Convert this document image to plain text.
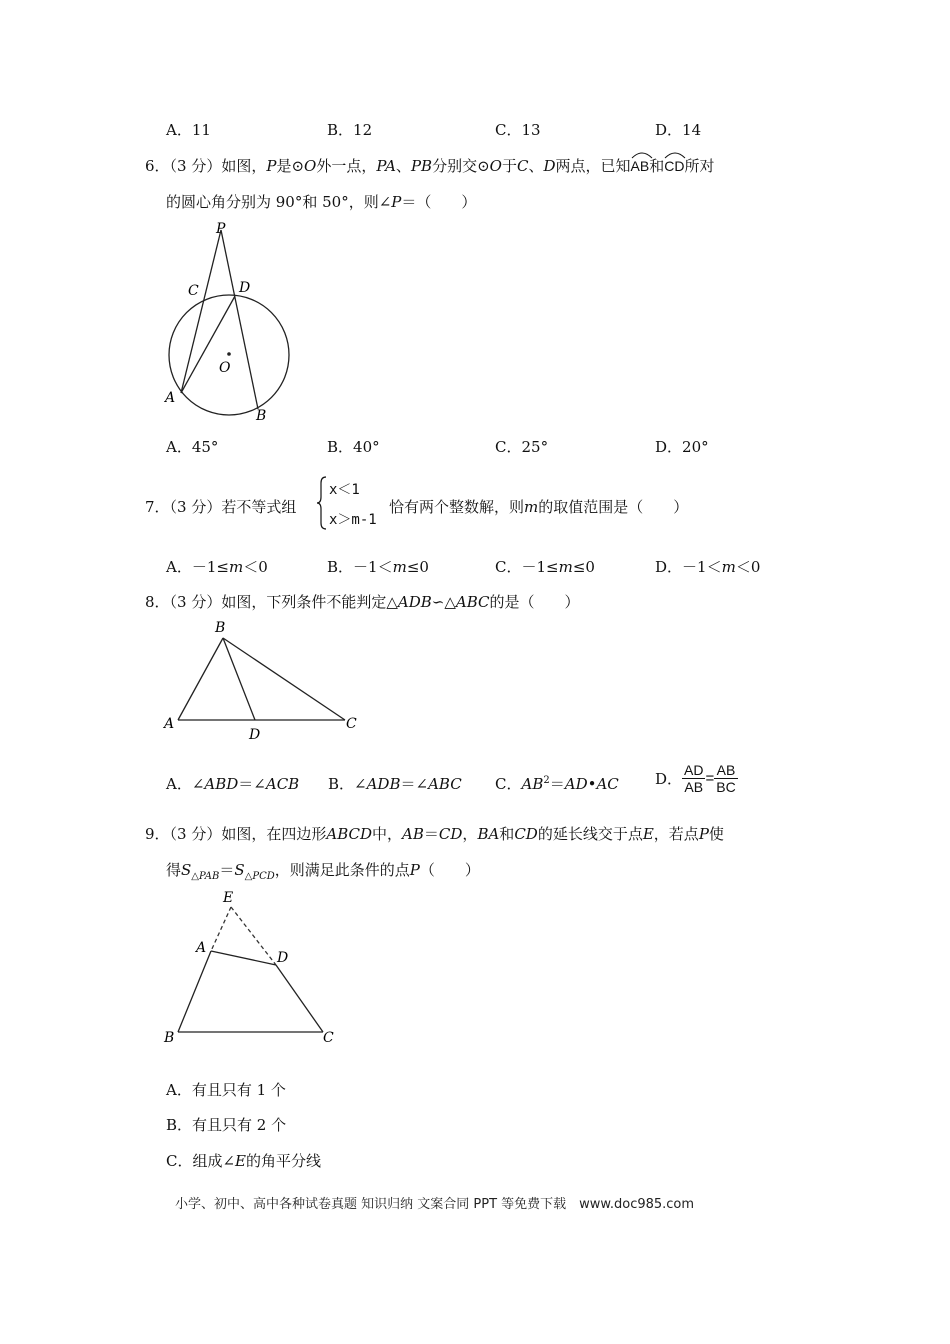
A．11	B．12	C．13	D．14
6．（3 分）如图，P是⊙O外一点，PA、PB分别交⊙O于C、D两点，已知
AB和
CD所对
的圆心角分别为 90°和 50°，则∠P＝（　　）
P
C	D
O
A
B
A．45°	B．40°	C．25°	D．20°
7．（3 分）若不等式组
x＜1
x＞m-1
恰有两个整数解，则m的取值范围是（　　）
A．－1≤m＜0	B．－1＜m≤0	C．－1≤m≤0	D．－1＜m＜0
8．（3 分）如图，下列条件不能判定△ADB∽△ABC的是（　　）
B
A
D
C
A．∠ABD＝∠ACB B．∠ADB＝∠ABC C．$AB^2=AD•AC$ D． $\frac{AD}{AB} = \frac{AB}{BC}$
9．（3 分）如图，在四边形ABCD中，AB＝CD，BA和CD的延长线交于点E，若点P使
得$S_{\triangle PAB}=S_{\triangle PCD}$，则满足此条件的点P（　　）
E
A
D
B	C
A．有且只有 1 个
B．有且只有 2 个
C．组成∠E的角平分线
小学、初中、高中各种试卷真题 知识归纳 文案合同 PPT 等免费下载　www.doc985.com
